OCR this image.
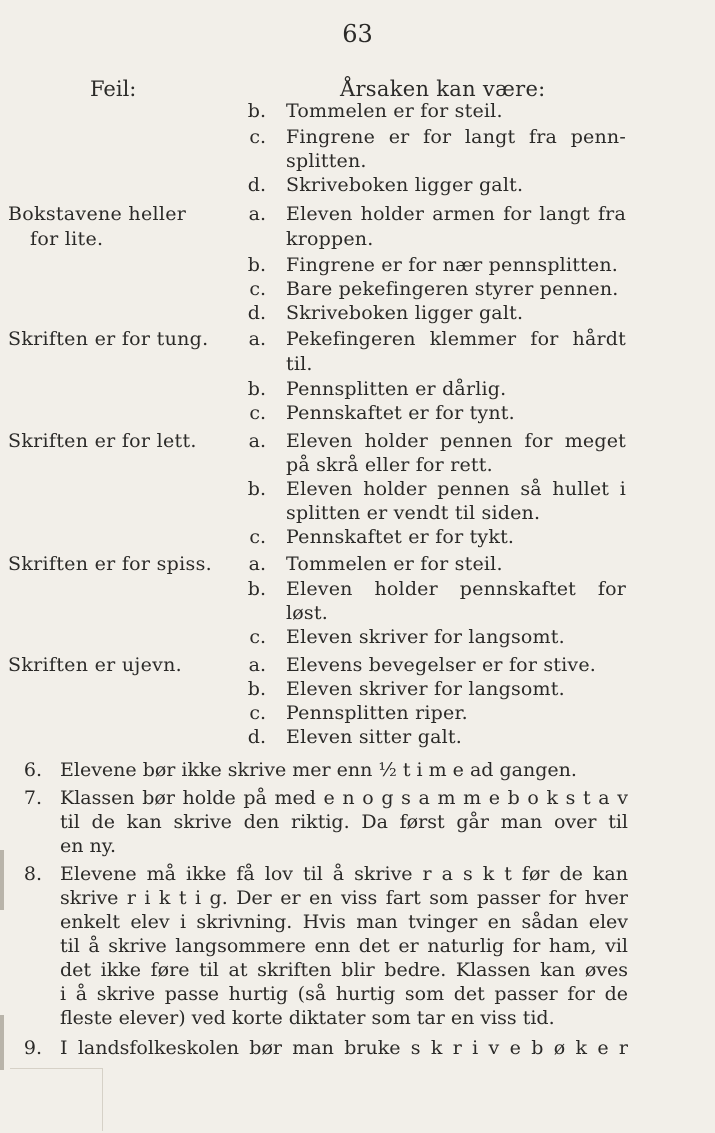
63
Feil:	Årsaken kan være:
b. Tommelen er for steil.
c. Fingrene er for langt fra penn-
splitten.
d. Skriveboken ligger galt.
Bokstavene heller	a. Eleven holder armen for langt fra
for lite.	kroppen.
b. Fingrene er for nær pennsplitten.
c. Bare pekefingeren styrer pennen.
d. Skriveboken ligger galt.
Skriften er for tung.	a. Pekefingeren klemmer for hårdt
til.
b. Pennsplitten er dårlig.
c. Pennskaftet er for tynt.
Skriften er for lett.	a. Eleven holder pennen for meget
på skrå eller for rett.
b. Eleven holder pennen så hullet i
splitten er vendt til siden.
c. Pennskaftet er for tykt.
Skriften er for spiss.	a. Tommelen er for steil.
b. Eleven holder pennskaftet for
løst.
c. Eleven skriver for langsomt.
Skriften er ujevn.	a. Elevens bevegelser er for stive.
b. Eleven skriver for langsomt.
c. Pennsplitten riper.
d. Eleven sitter galt.
6. Elevene bør ikke skrive mer enn ½ t i m e ad gangen.
7. Klassen bør holde på med e n o g s a m m e b o k s t a v
til de kan skrive den riktig. Da først går man over til
en ny.
8. Elevene må ikke få lov til å skrive r a s k t før de kan
skrive r i k t i g. Der er en viss fart som passer for hver
enkelt elev i skrivning. Hvis man tvinger en sådan elev
til å skrive langsommere enn det er naturlig for ham, vil
det ikke føre til at skriften blir bedre. Klassen kan øves
i å skrive passe hurtig (så hurtig som det passer for de
fleste elever) ved korte diktater som tar en viss tid.
9. I landsfolkeskolen bør man bruke s k r i v e b ø k e r
